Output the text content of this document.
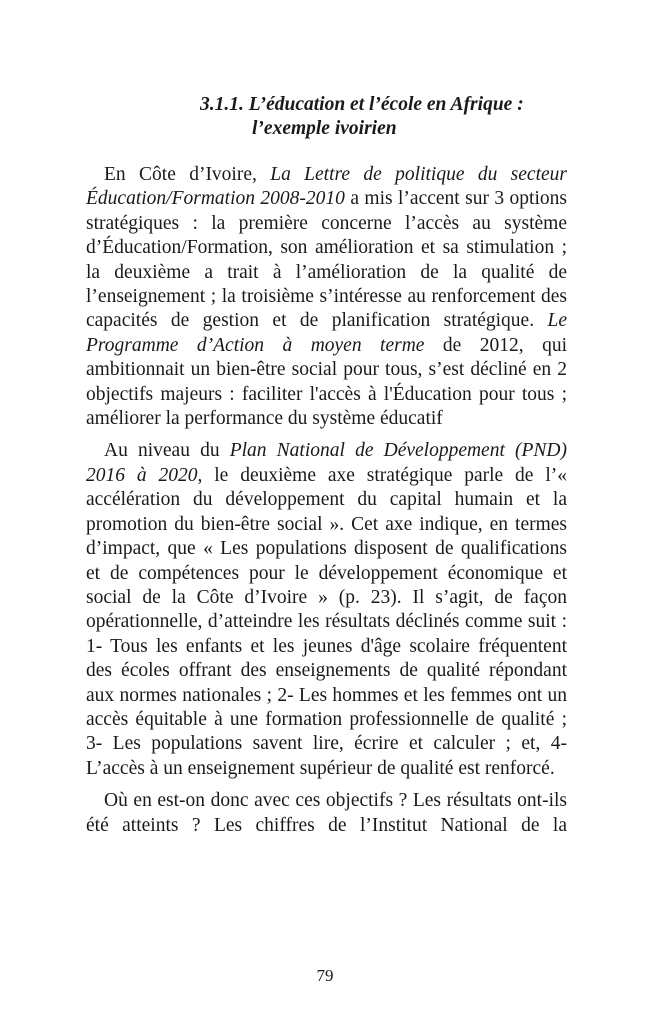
3.1.1. L’éducation et l’école en Afrique :
l’exemple ivoirien

En Côte d’Ivoire, La Lettre de politique du secteur Éducation/Formation 2008-2010 a mis l’accent sur 3 options stratégiques : la première concerne l’accès au système d’Éducation/Formation, son amélioration et sa stimulation ; la deuxième a trait à l’amélioration de la qualité de l’enseignement ; la troisième s’intéresse au renforcement des capacités de gestion et de planification stratégique. Le Programme d’Action à moyen terme de 2012, qui ambitionnait un bien-être social pour tous, s’est décliné en 2 objectifs majeurs : faciliter l'accès à l'Éducation pour tous ; améliorer la performance du système éducatif

Au niveau du Plan National de Développement (PND) 2016 à 2020, le deuxième axe stratégique parle de l’« accélération du développement du capital humain et la promotion du bien-être social ». Cet axe indique, en termes d’impact, que « Les populations disposent de qualifications et de compétences pour le développement économique et social de la Côte d’Ivoire » (p. 23). Il s’agit, de façon opérationnelle, d’atteindre les résultats déclinés comme suit : 1- Tous les enfants et les jeunes d'âge scolaire fréquentent des écoles offrant des enseignements de qualité répondant aux normes nationales ; 2- Les hommes et les femmes ont un accès équitable à une formation professionnelle de qualité ; 3- Les populations savent lire, écrire et calculer ; et, 4- L’accès à un enseignement supérieur de qualité est renforcé.

Où en est-on donc avec ces objectifs ? Les résultats ont-ils été atteints ? Les chiffres de l’Institut National de la

79
